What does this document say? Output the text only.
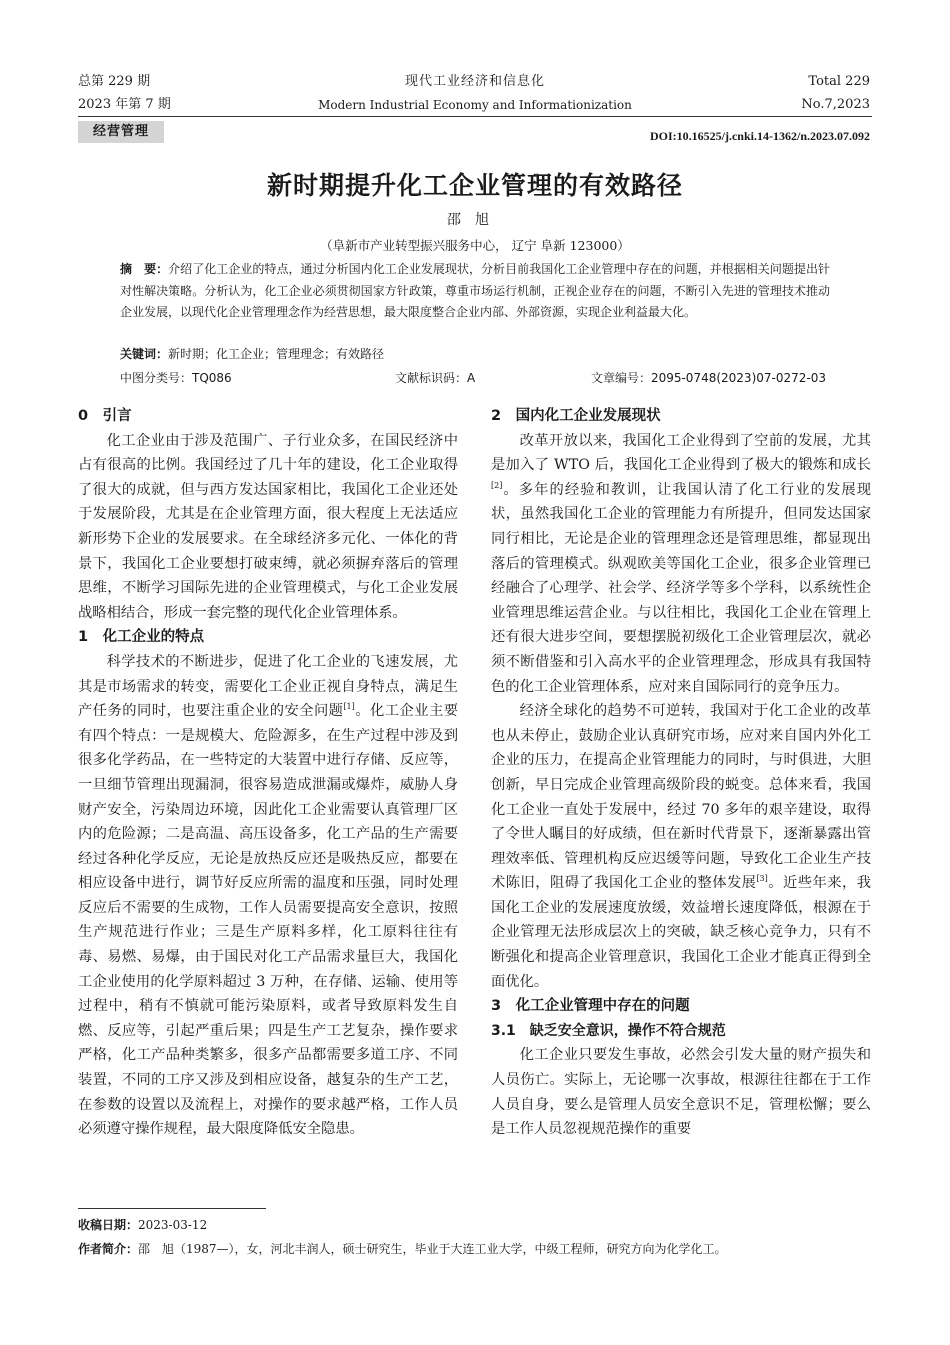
总第 229 期
2023 年第 7 期
现代工业经济和信息化
Modern Industrial Economy and Informationization
Total 229
No.7,2023
经营管理	DOI:10.16525/j.cnki.14-1362/n.2023.07.092
新时期提升化工企业管理的有效路径
邵旭
（阜新市产业转型振兴服务中心， 辽宁 阜新 123000）
摘　要：介绍了化工企业的特点，通过分析国内化工企业发展现状，分析目前我国化工企业管理中存在的问题，并根据相关问题提出针对性解决策略。分析认为，化工企业必须贯彻国家方针政策，尊重市场运行机制，正视企业存在的问题，不断引入先进的管理技术推动企业发展，以现代化企业管理理念作为经营思想，最大限度整合企业内部、外部资源，实现企业利益最大化。
关键词：新时期；化工企业；管理理念；有效路径
中图分类号：TQ086	文献标识码：A	文章编号：2095-0748(2023)07-0272-03
0　引言

化工企业由于涉及范围广、子行业众多，在国民经济中占有很高的比例。我国经过了几十年的建设，化工企业取得了很大的成就，但与西方发达国家相比，我国化工企业还处于发展阶段，尤其是在企业管理方面，很大程度上无法适应新形势下企业的发展要求。在全球经济多元化、一体化的背景下，我国化工企业要想打破束缚，就必须摒弃落后的管理思维，不断学习国际先进的企业管理模式，与化工企业发展战略相结合，形成一套完整的现代化企业管理体系。

1　化工企业的特点

科学技术的不断进步，促进了化工企业的飞速发展，尤其是市场需求的转变，需要化工企业正视自身特点，满足生产任务的同时，也要注重企业的安全问题[1]。化工企业主要有四个特点：一是规模大、危险源多，在生产过程中涉及到很多化学药品，在一些特定的大装置中进行存储、反应等，一旦细节管理出现漏洞，很容易造成泄漏或爆炸，威胁人身财产安全，污染周边环境，因此化工企业需要认真管理厂区内的危险源；二是高温、高压设备多，化工产品的生产需要经过各种化学反应，无论是放热反应还是吸热反应，都要在相应设备中进行，调节好反应所需的温度和压强，同时处理反应后不需要的生成物，工作人员需要提高安全意识，按照生产规范进行作业；三是生产原料多样，化工原料往往有毒、易燃、易爆，由于国民对化工产品需求量巨大，我国化工企业使用的化学原料超过 3 万种，在存储、运输、使用等过程中，稍有不慎就可能污染原料，或者导致原料发生自燃、反应等，引起严重后果；四是生产工艺复杂，操作要求严格，化工产品种类繁多，很多产品都需要多道工序、不同装置，不同的工序又涉及到相应设备，越复杂的生产工艺，在参数的设置以及流程上，对操作的要求越严格，工作人员必须遵守操作规程，最大限度降低安全隐患。

2　国内化工企业发展现状

改革开放以来，我国化工企业得到了空前的发展，尤其是加入了 WTO 后，我国化工企业得到了极大的锻炼和成长[2]。多年的经验和教训，让我国认清了化工行业的发展现状，虽然我国化工企业的管理能力有所提升，但同发达国家同行相比，无论是企业的管理理念还是管理思维，都显现出落后的管理模式。纵观欧美等国化工企业，很多企业管理已经融合了心理学、社会学、经济学等多个学科，以系统性企业管理思维运营企业。与以往相比，我国化工企业在管理上还有很大进步空间，要想摆脱初级化工企业管理层次，就必须不断借鉴和引入高水平的企业管理理念，形成具有我国特色的化工企业管理体系，应对来自国际同行的竞争压力。

经济全球化的趋势不可逆转，我国对于化工企业的改革也从未停止，鼓励企业认真研究市场，应对来自国内外化工企业的压力，在提高企业管理能力的同时，与时俱进，大胆创新，早日完成企业管理高级阶段的蜕变。总体来看，我国化工企业一直处于发展中，经过 70 多年的艰辛建设，取得了令世人瞩目的好成绩，但在新时代背景下，逐渐暴露出管理效率低、管理机构反应迟缓等问题，导致化工企业生产技术陈旧，阻碍了我国化工企业的整体发展[3]。近些年来，我国化工企业的发展速度放缓，效益增长速度降低，根源在于企业管理无法形成层次上的突破，缺乏核心竞争力，只有不断强化和提高企业管理意识，我国化工企业才能真正得到全面优化。

3　化工企业管理中存在的问题
3.1　缺乏安全意识，操作不符合规范

化工企业只要发生事故，必然会引发大量的财产损失和人员伤亡。实际上，无论哪一次事故，根源往往都在于工作人员自身，要么是管理人员安全意识不足，管理松懈；要么是工作人员忽视规范操作的重要

收稿日期：2023-03-12
作者简介：邵　旭（1987—），女，河北丰润人，硕士研究生，毕业于大连工业大学，中级工程师，研究方向为化学化工。
